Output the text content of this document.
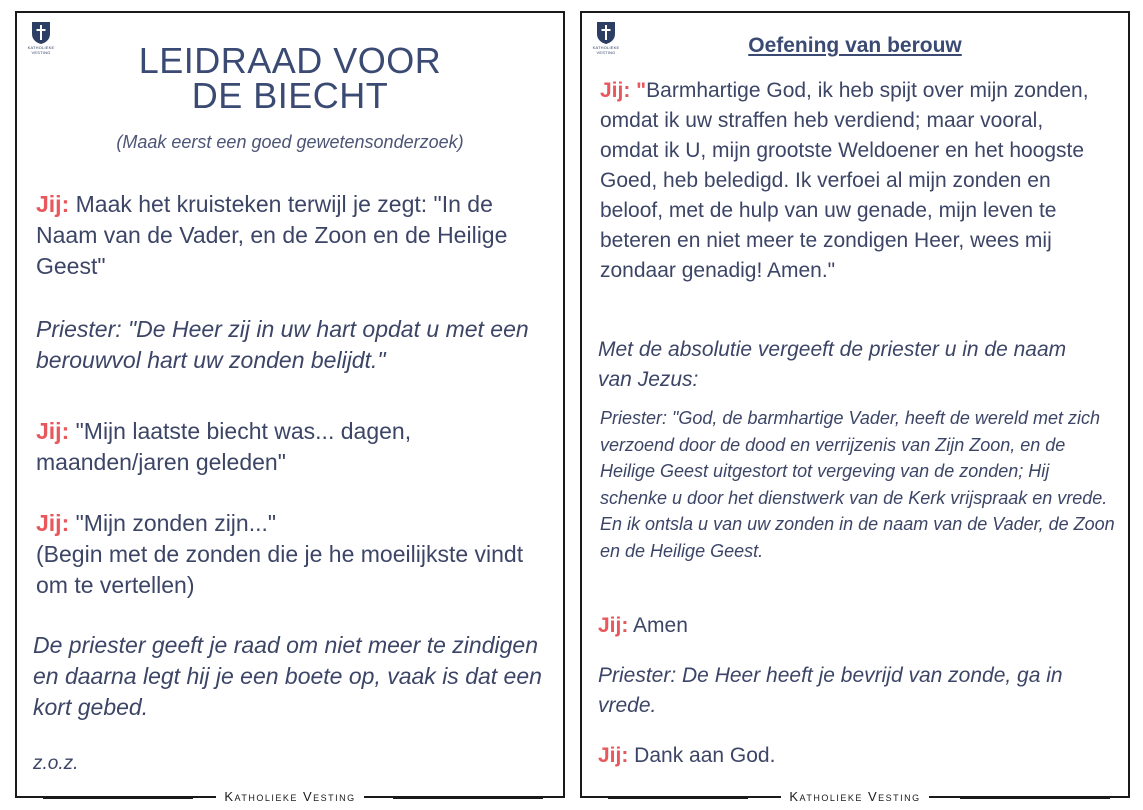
KATHOLIEKE VESTING	LEIDRAAD VOOR
DE BIECHT
(Maak eerst een goed gewetensonderzoek)
Jij: Maak het kruisteken terwijl je zegt: "In de Naam van de Vader, en de Zoon en de Heilige Geest"
Priester: "De Heer zij in uw hart opdat u met een berouwvol hart uw zonden belijdt."
Jij: "Mijn laatste biecht was... dagen, maanden/jaren geleden"
Jij: "Mijn zonden zijn..."
(Begin met de zonden die je he moeilijkste vindt om te vertellen)
De priester geeft je raad om niet meer te zindigen en daarna legt hij je een boete op, vaak is dat een kort gebed.
z.o.z.
Katholieke Vesting
KATHOLIEKE VESTING	Oefening van berouw
Jij: "Barmhartige God, ik heb spijt over mijn zonden, omdat ik uw straffen heb verdiend; maar vooral, omdat ik U, mijn grootste Weldoener en het hoogste Goed, heb beledigd. Ik verfoei al mijn zonden en beloof, met de hulp van uw genade, mijn leven te beteren en niet meer te zondigen Heer, wees mij zondaar genadig! Amen."
Met de absolutie vergeeft de priester u in de naam van Jezus:
Priester: "God, de barmhartige Vader, heeft de wereld met zich verzoend door de dood en verrijzenis van Zijn Zoon, en de Heilige Geest uitgestort tot vergeving van de zonden; Hij schenke u door het dienstwerk van de Kerk vrijspraak en vrede. En ik ontsla u van uw zonden in de naam van de Vader, de Zoon en de Heilige Geest.
Jij: Amen
Priester: De Heer heeft je bevrijd van zonde, ga in vrede.
Jij: Dank aan God.
Katholieke Vesting
